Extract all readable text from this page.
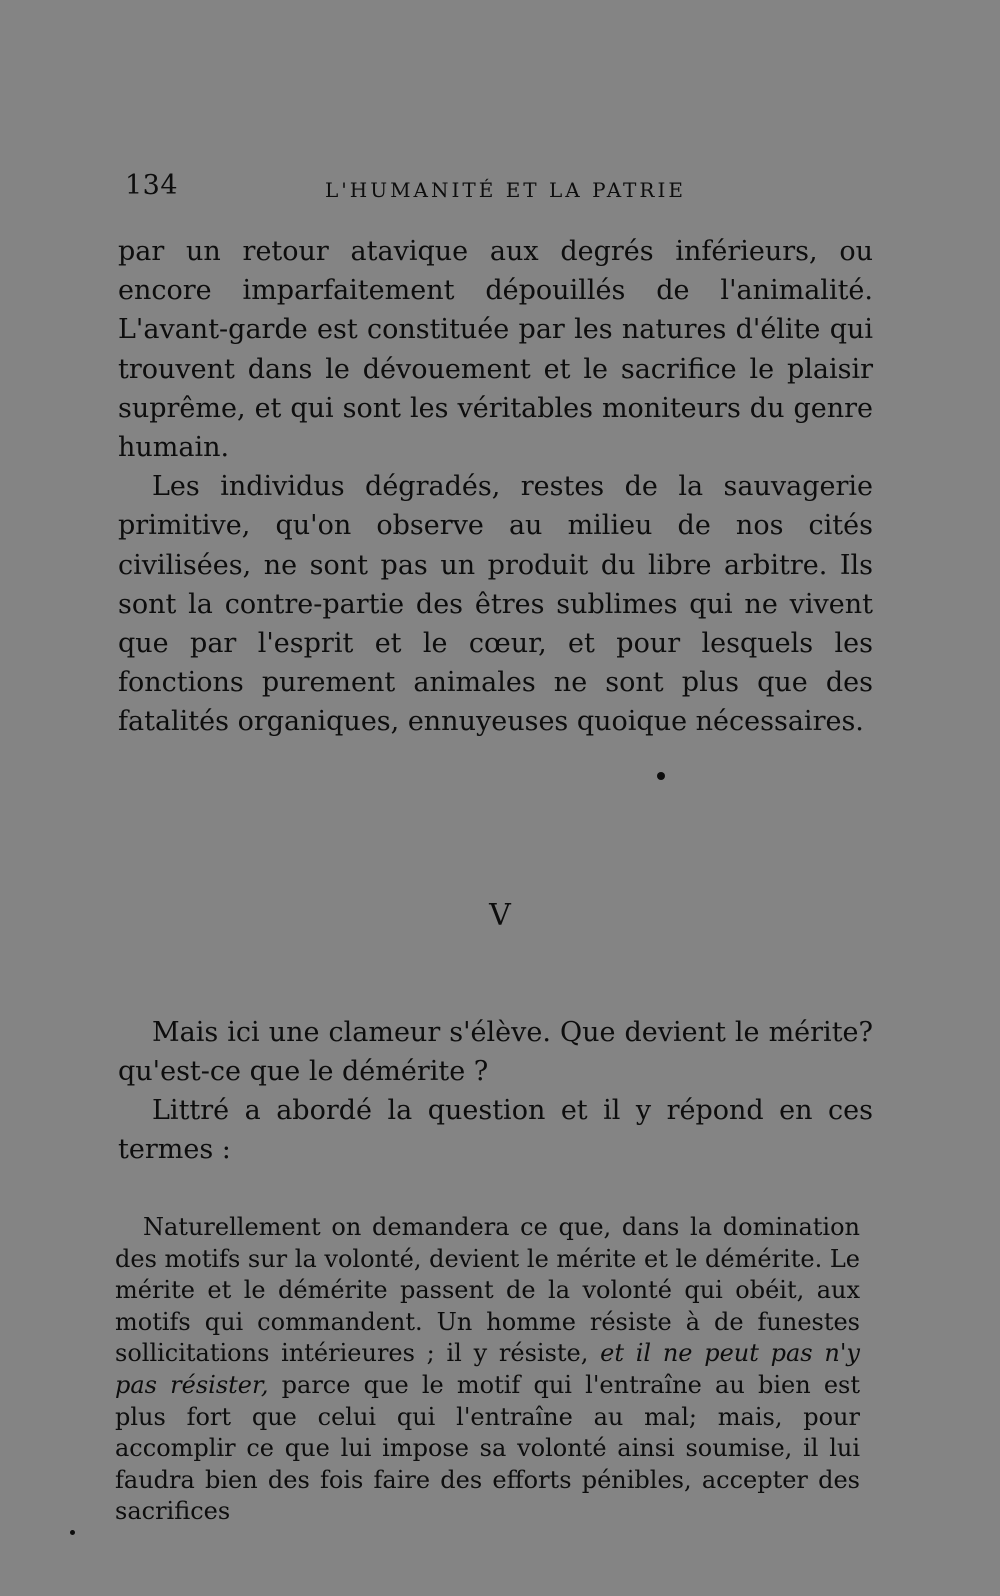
134	L'HUMANITÉ ET LA PATRIE

par un retour atavique aux degrés inférieurs, ou encore imparfaitement dépouillés de l'animalité. L'avant-garde est constituée par les natures d'élite qui trouvent dans le dévouement et le sacrifice le plaisir suprême, et qui sont les véritables moniteurs du genre humain.

Les individus dégradés, restes de la sauvagerie primitive, qu'on observe au milieu de nos cités civilisées, ne sont pas un produit du libre arbitre. Ils sont la contre-partie des êtres sublimes qui ne vivent que par l'esprit et le cœur, et pour lesquels les fonctions purement animales ne sont plus que des fatalités organiques, ennuyeuses quoique nécessaires.

V

Mais ici une clameur s'élève. Que devient le mérite? qu'est-ce que le démérite ?

Littré a abordé la question et il y répond en ces termes :

Naturellement on demandera ce que, dans la domination des motifs sur la volonté, devient le mérite et le démérite. Le mérite et le démérite passent de la volonté qui obéit, aux motifs qui commandent. Un homme résiste à de funestes sollicitations intérieures ; il y résiste, et il ne peut pas n'y pas résister, parce que le motif qui l'entraîne au bien est plus fort que celui qui l'entraîne au mal; mais, pour accomplir ce que lui impose sa volonté ainsi soumise, il lui faudra bien des fois faire des efforts pénibles, accepter des sacrifices
